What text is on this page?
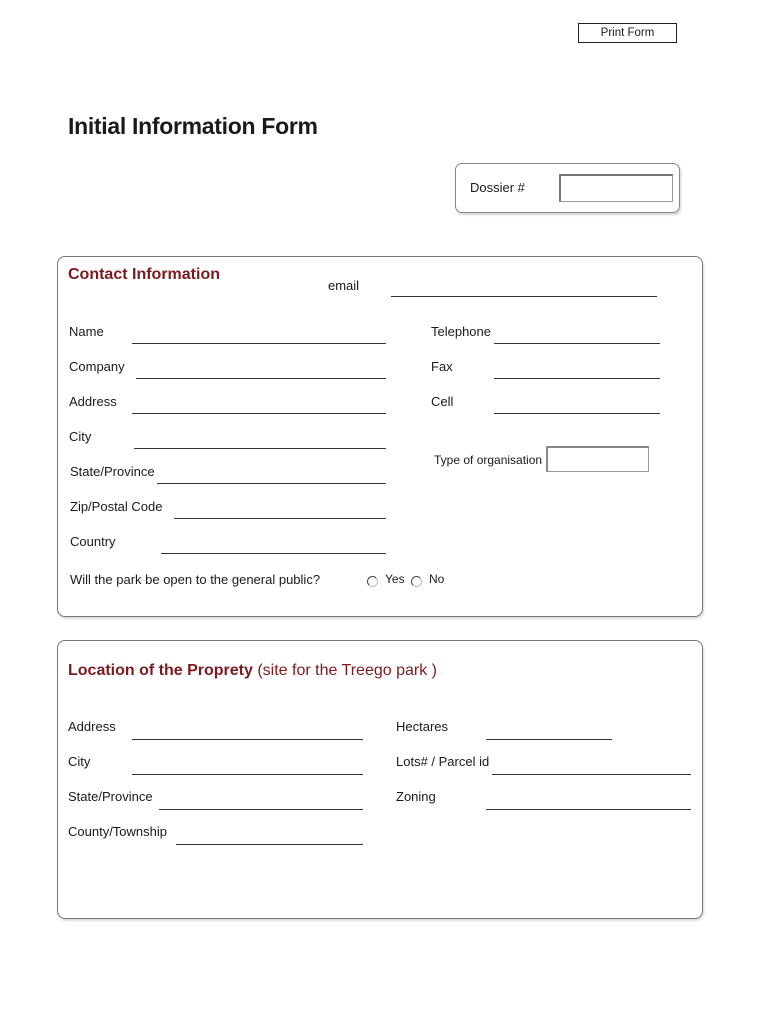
Print Form
Initial Information Form
Dossier #
Contact Information
email
Name
Company
Address
City
State/Province
Zip/Postal Code
Country
Telephone
Fax
Cell
Type of organisation
Will the park be open to the general public?	Yes No
Location of the Proprety (site for the Treego park )
Address
City
State/Province
County/Township
Hectares
Lots# / Parcel id
Zoning
